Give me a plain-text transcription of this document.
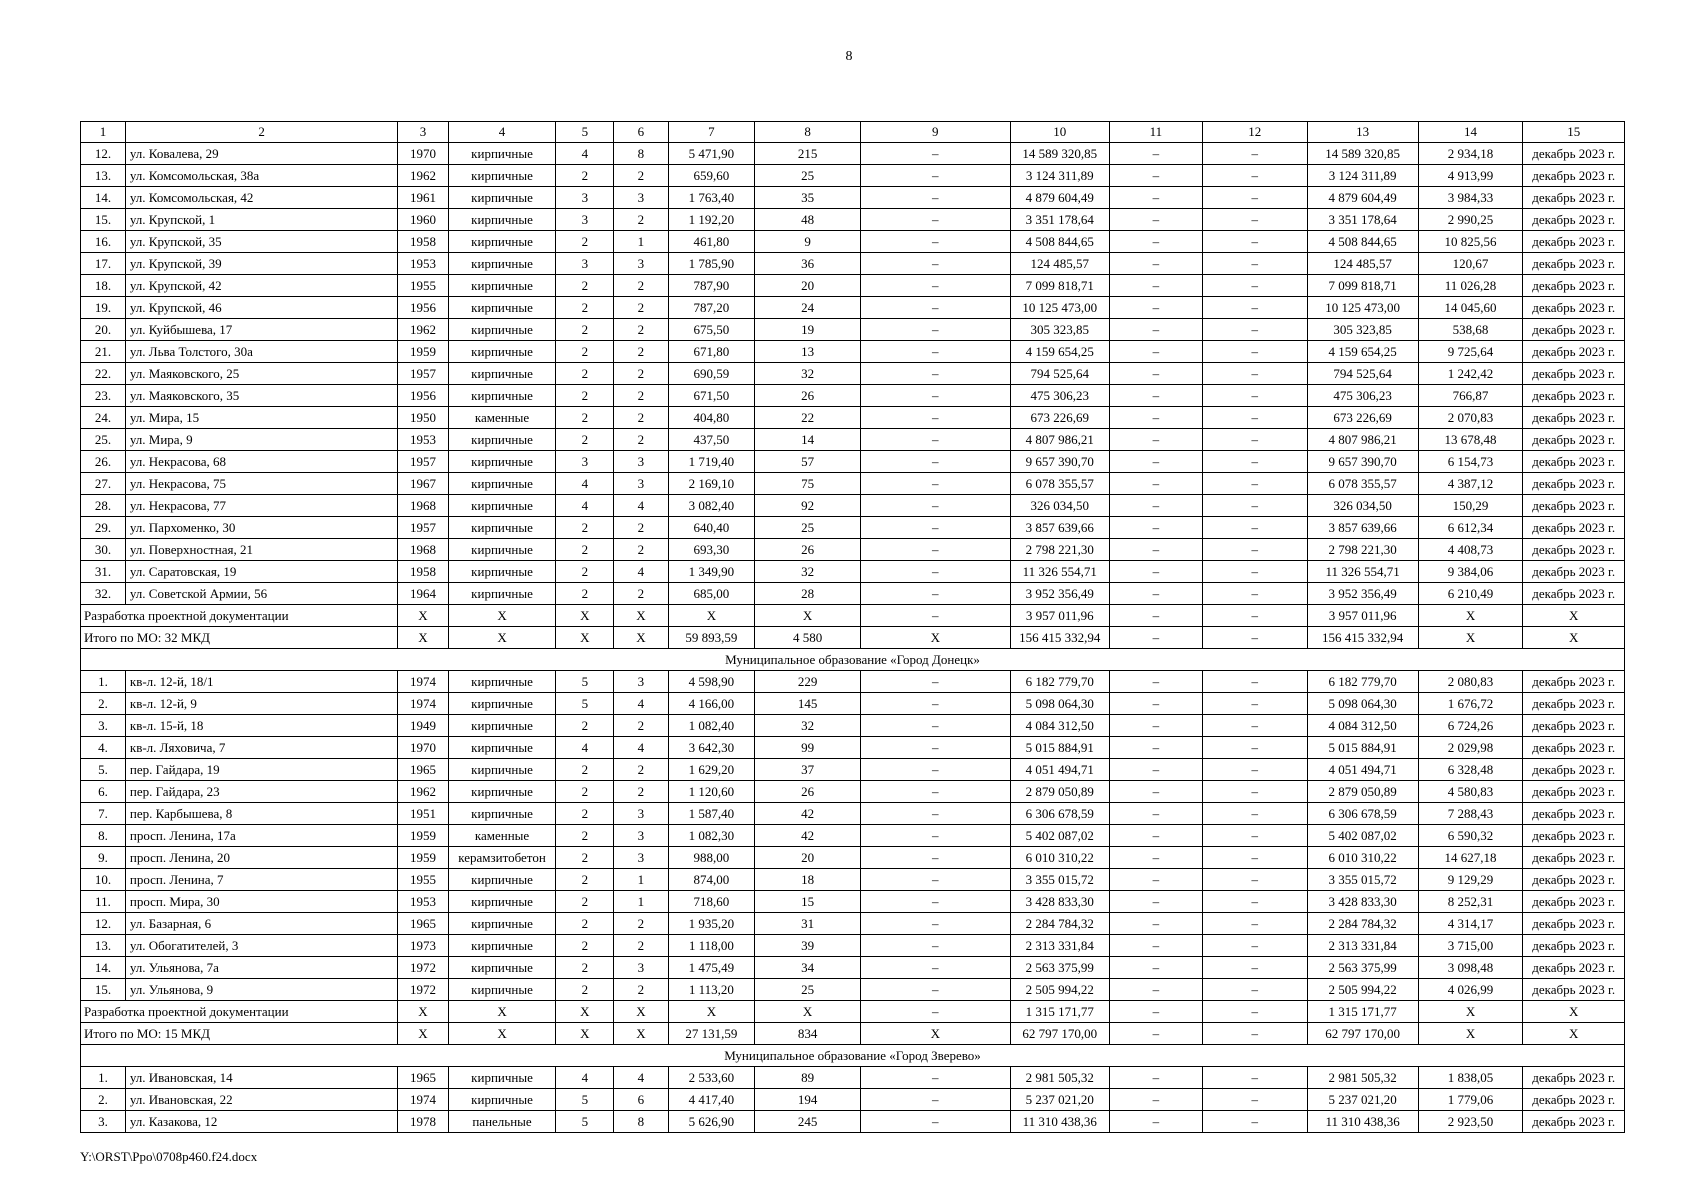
8
1	2	3	4	5	6	7	8	9	10	11	12	13	14	15
12.	ул. Ковалева, 29	1970	кирпичные	4	8	5 471,90	215	–	14 589 320,85	–	–	14 589 320,85	2 934,18	декабрь 2023 г.
13.	ул. Комсомольская, 38а	1962	кирпичные	2	2	659,60	25	–	3 124 311,89	–	–	3 124 311,89	4 913,99	декабрь 2023 г.
14.	ул. Комсомольская, 42	1961	кирпичные	3	3	1 763,40	35	–	4 879 604,49	–	–	4 879 604,49	3 984,33	декабрь 2023 г.
15.	ул. Крупской, 1	1960	кирпичные	3	2	1 192,20	48	–	3 351 178,64	–	–	3 351 178,64	2 990,25	декабрь 2023 г.
16.	ул. Крупской, 35	1958	кирпичные	2	1	461,80	9	–	4 508 844,65	–	–	4 508 844,65	10 825,56	декабрь 2023 г.
17.	ул. Крупской, 39	1953	кирпичные	3	3	1 785,90	36	–	124 485,57	–	–	124 485,57	120,67	декабрь 2023 г.
18.	ул. Крупской, 42	1955	кирпичные	2	2	787,90	20	–	7 099 818,71	–	–	7 099 818,71	11 026,28	декабрь 2023 г.
19.	ул. Крупской, 46	1956	кирпичные	2	2	787,20	24	–	10 125 473,00	–	–	10 125 473,00	14 045,60	декабрь 2023 г.
20.	ул. Куйбышева, 17	1962	кирпичные	2	2	675,50	19	–	305 323,85	–	–	305 323,85	538,68	декабрь 2023 г.
21.	ул. Льва Толстого, 30а	1959	кирпичные	2	2	671,80	13	–	4 159 654,25	–	–	4 159 654,25	9 725,64	декабрь 2023 г.
22.	ул. Маяковского, 25	1957	кирпичные	2	2	690,59	32	–	794 525,64	–	–	794 525,64	1 242,42	декабрь 2023 г.
23.	ул. Маяковского, 35	1956	кирпичные	2	2	671,50	26	–	475 306,23	–	–	475 306,23	766,87	декабрь 2023 г.
24.	ул. Мира, 15	1950	каменные	2	2	404,80	22	–	673 226,69	–	–	673 226,69	2 070,83	декабрь 2023 г.
25.	ул. Мира, 9	1953	кирпичные	2	2	437,50	14	–	4 807 986,21	–	–	4 807 986,21	13 678,48	декабрь 2023 г.
26.	ул. Некрасова, 68	1957	кирпичные	3	3	1 719,40	57	–	9 657 390,70	–	–	9 657 390,70	6 154,73	декабрь 2023 г.
27.	ул. Некрасова, 75	1967	кирпичные	4	3	2 169,10	75	–	6 078 355,57	–	–	6 078 355,57	4 387,12	декабрь 2023 г.
28.	ул. Некрасова, 77	1968	кирпичные	4	4	3 082,40	92	–	326 034,50	–	–	326 034,50	150,29	декабрь 2023 г.
29.	ул. Пархоменко, 30	1957	кирпичные	2	2	640,40	25	–	3 857 639,66	–	–	3 857 639,66	6 612,34	декабрь 2023 г.
30.	ул. Поверхностная, 21	1968	кирпичные	2	2	693,30	26	–	2 798 221,30	–	–	2 798 221,30	4 408,73	декабрь 2023 г.
31.	ул. Саратовская, 19	1958	кирпичные	2	4	1 349,90	32	–	11 326 554,71	–	–	11 326 554,71	9 384,06	декабрь 2023 г.
32.	ул. Советской Армии, 56	1964	кирпичные	2	2	685,00	28	–	3 952 356,49	–	–	3 952 356,49	6 210,49	декабрь 2023 г.
Разработка проектной документации		X	X	X	X	X	X	–	3 957 011,96	–	–	3 957 011,96	X	X
Итого по МО: 32 МКД		X	X	X	X	59 893,59	4 580	X	156 415 332,94	–	–	156 415 332,94	X	X
Муниципальное образование «Город Донецк»														
1.	кв-л. 12-й, 18/1	1974	кирпичные	5	3	4 598,90	229	–	6 182 779,70	–	–	6 182 779,70	2 080,83	декабрь 2023 г.
2.	кв-л. 12-й, 9	1974	кирпичные	5	4	4 166,00	145	–	5 098 064,30	–	–	5 098 064,30	1 676,72	декабрь 2023 г.
3.	кв-л. 15-й, 18	1949	кирпичные	2	2	1 082,40	32	–	4 084 312,50	–	–	4 084 312,50	6 724,26	декабрь 2023 г.
4.	кв-л. Ляховича, 7	1970	кирпичные	4	4	3 642,30	99	–	5 015 884,91	–	–	5 015 884,91	2 029,98	декабрь 2023 г.
5.	пер. Гайдара, 19	1965	кирпичные	2	2	1 629,20	37	–	4 051 494,71	–	–	4 051 494,71	6 328,48	декабрь 2023 г.
6.	пер. Гайдара, 23	1962	кирпичные	2	2	1 120,60	26	–	2 879 050,89	–	–	2 879 050,89	4 580,83	декабрь 2023 г.
7.	пер. Карбышева, 8	1951	кирпичные	2	3	1 587,40	42	–	6 306 678,59	–	–	6 306 678,59	7 288,43	декабрь 2023 г.
8.	просп. Ленина, 17а	1959	каменные	2	3	1 082,30	42	–	5 402 087,02	–	–	5 402 087,02	6 590,32	декабрь 2023 г.
9.	просп. Ленина, 20	1959	керамзитобетон	2	3	988,00	20	–	6 010 310,22	–	–	6 010 310,22	14 627,18	декабрь 2023 г.
10.	просп. Ленина, 7	1955	кирпичные	2	1	874,00	18	–	3 355 015,72	–	–	3 355 015,72	9 129,29	декабрь 2023 г.
11.	просп. Мира, 30	1953	кирпичные	2	1	718,60	15	–	3 428 833,30	–	–	3 428 833,30	8 252,31	декабрь 2023 г.
12.	ул. Базарная, 6	1965	кирпичные	2	2	1 935,20	31	–	2 284 784,32	–	–	2 284 784,32	4 314,17	декабрь 2023 г.
13.	ул. Обогатителей, 3	1973	кирпичные	2	2	1 118,00	39	–	2 313 331,84	–	–	2 313 331,84	3 715,00	декабрь 2023 г.
14.	ул. Ульянова, 7а	1972	кирпичные	2	3	1 475,49	34	–	2 563 375,99	–	–	2 563 375,99	3 098,48	декабрь 2023 г.
15.	ул. Ульянова, 9	1972	кирпичные	2	2	1 113,20	25	–	2 505 994,22	–	–	2 505 994,22	4 026,99	декабрь 2023 г.
Разработка проектной документации		X	X	X	X	X	X	–	1 315 171,77	–	–	1 315 171,77	X	X
Итого по МО: 15 МКД		X	X	X	X	27 131,59	834	X	62 797 170,00	–	–	62 797 170,00	X	X
Муниципальное образование «Город Зверево»														
1.	ул. Ивановская, 14	1965	кирпичные	4	4	2 533,60	89	–	2 981 505,32	–	–	2 981 505,32	1 838,05	декабрь 2023 г.
2.	ул. Ивановская, 22	1974	кирпичные	5	6	4 417,40	194	–	5 237 021,20	–	–	5 237 021,20	1 779,06	декабрь 2023 г.
3.	ул. Казакова, 12	1978	панельные	5	8	5 626,90	245	–	11 310 438,36	–	–	11 310 438,36	2 923,50	декабрь 2023 г.
Y:\ORST\Ppo\0708p460.f24.docx
